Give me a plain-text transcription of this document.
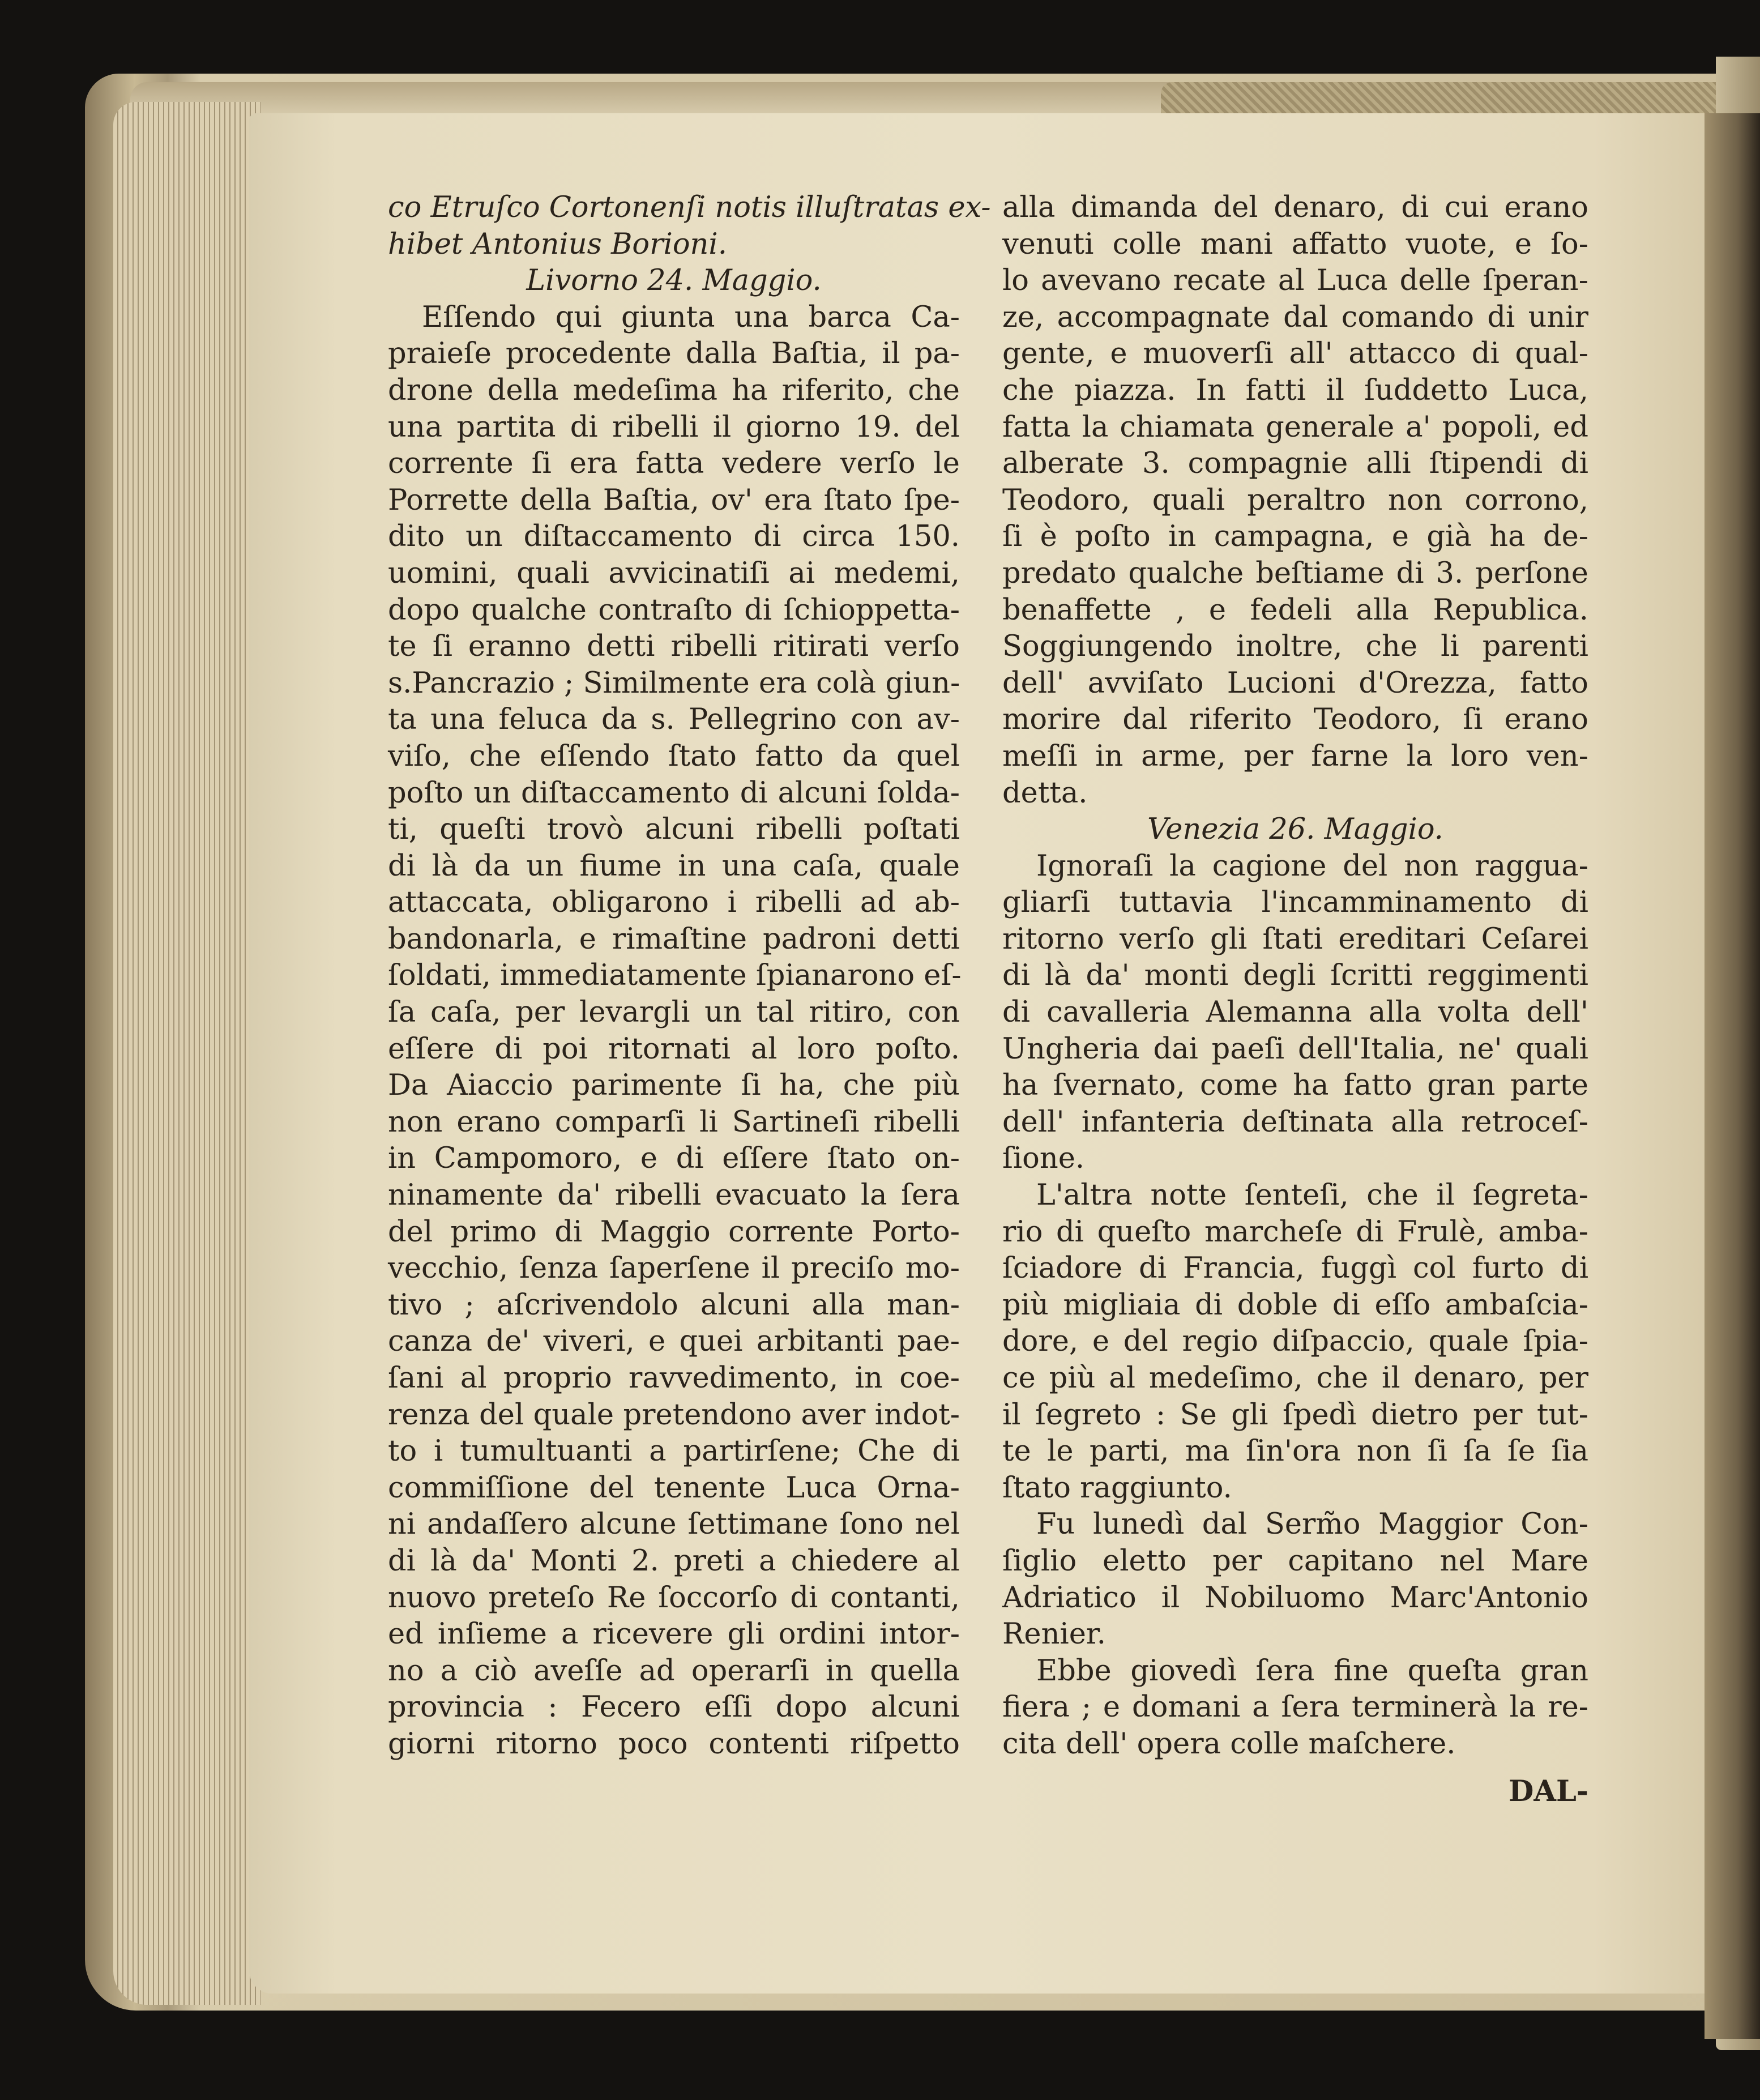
co Etruſco Cortonenſi notis illuſtratas ex-
hibet Antonius Borioni.
Livorno 24. Maggio.
Eſſendo qui giunta una barca Ca-
praieſe procedente dalla Baſtia, il pa-
drone della medeſima ha riferito, che
una partita di ribelli il giorno 19. del
corrente ſi era fatta vedere verſo le
Porrette della Baſtia, ov' era ſtato ſpe-
dito un diſtaccamento di circa 150.
uomini, quali avvicinatiſi ai medemi,
dopo qualche contraſto di ſchioppetta-
te ſi eranno detti ribelli ritirati verſo
s.Pancrazio ; Similmente era colà giun-
ta una feluca da s. Pellegrino con av-
viſo, che eſſendo ſtato fatto da quel
poſto un diſtaccamento di alcuni ſolda-
ti, queſti trovò alcuni ribelli poſtati
di là da un fiume in una caſa, quale
attaccata, obligarono i ribelli ad ab-
bandonarla, e rimaſtine padroni detti
ſoldati, immediatamente ſpianarono eſ-
ſa caſa, per levargli un tal ritiro, con
eſſere di poi ritornati al loro poſto.
Da Aiaccio parimente ſi ha, che più
non erano comparſi li Sartineſi ribelli
in Campomoro, e di eſſere ſtato on-
ninamente da' ribelli evacuato la ſera
del primo di Maggio corrente Porto-
vecchio, ſenza ſaperſene il preciſo mo-
tivo ; aſcrivendolo alcuni alla man-
canza de' viveri, e quei arbitanti pae-
ſani al proprio ravvedimento, in coe-
renza del quale pretendono aver indot-
to i tumultuanti a partirſene; Che di
commiſſione del tenente Luca Orna-
ni andaſſero alcune ſettimane ſono nel
di là da' Monti 2. preti a chiedere al
nuovo preteſo Re ſoccorſo di contanti,
ed inſieme a ricevere gli ordini intor-
no a ciò aveſſe ad operarſi in quella
provincia : Fecero eſſi dopo alcuni
giorni ritorno poco contenti riſpetto
alla dimanda del denaro, di cui erano
venuti colle mani affatto vuote, e ſo-
lo avevano recate al Luca delle ſperan-
ze, accompagnate dal comando di unir
gente, e muoverſi all' attacco di qual-
che piazza. In fatti il ſuddetto Luca,
fatta la chiamata generale a' popoli, ed
alberate 3. compagnie alli ſtipendi di
Teodoro, quali peraltro non corrono,
ſi è poſto in campagna, e già ha de-
predato qualche beſtiame di 3. perſone
benaffette , e fedeli alla Republica.
Soggiungendo inoltre, che li parenti
dell' avviſato Lucioni d'Orezza, fatto
morire dal riferito Teodoro, ſi erano
meſſi in arme, per farne la loro ven-
detta.
Venezia 26. Maggio.
Ignoraſi la cagione del non ragguа-
gliarſi tuttavia l'incamminamento di
ritorno verſo gli ſtati ereditari Ceſarei
di là da' monti degli ſcritti reggimenti
di cavalleria Alemanna alla volta dell'
Ungheria dai paeſi dell'Italia, ne' quali
ha ſvernato, come ha fatto gran parte
dell' infanteria deſtinata alla retroceſ-
ſione.
L'altra notte ſenteſi, che il ſegreta-
rio di queſto marcheſe di Frulè, amba-
ſciadore di Francia, fuggì col furto di
più migliaia di doble di eſſo ambaſcia-
dore, e del regio diſpaccio, quale ſpia-
ce più al medeſimo, che il denaro, per
il ſegreto : Se gli ſpedì dietro per tut-
te le parti, ma ſin'ora non ſi ſa ſe ſia
ſtato raggiunto.
Fu lunedì dal Serm̃o Maggior Con-
ſiglio eletto per capitano nel Mare
Adriatico il Nobiluomo Marc'Antonio
Renier.
Ebbe giovedì ſera fine queſta gran
fiera ; e domani a ſera terminerà la re-
cita dell' opera colle maſchere.
DAL-
